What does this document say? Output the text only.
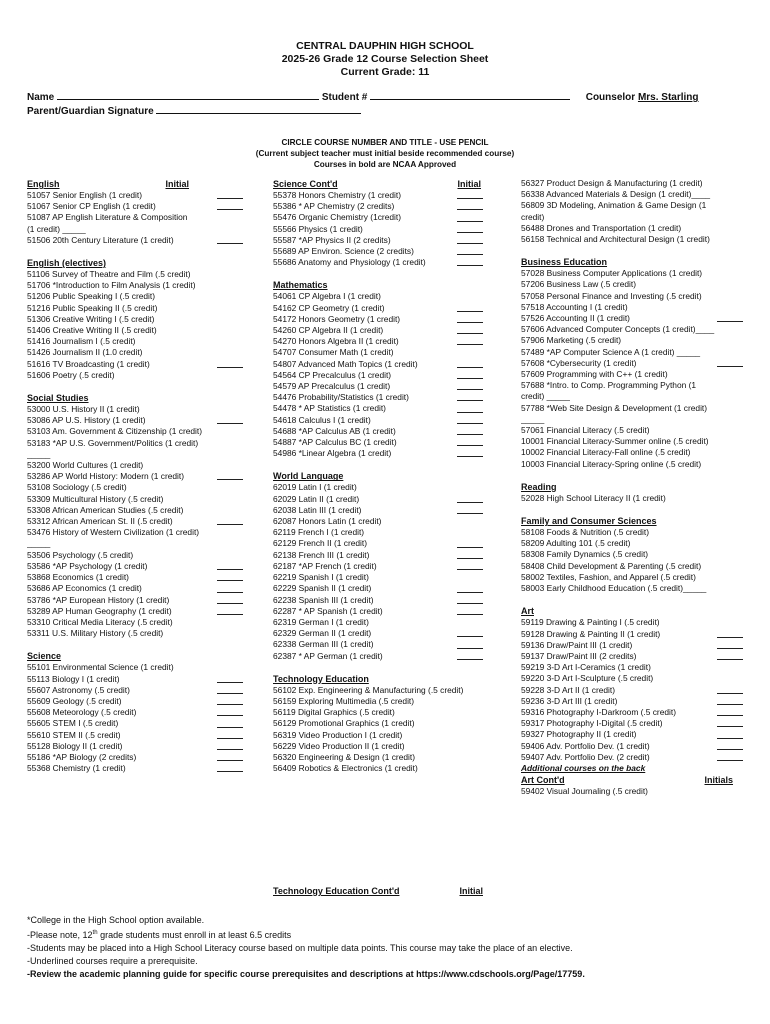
CENTRAL DAUPHIN HIGH SCHOOL
2025-26 Grade 12 Course Selection Sheet
Current Grade: 11
Name	Student #	Counselor Mrs. Starling
Parent/Guardian Signature
CIRCLE COURSE NUMBER AND TITLE - USE PENCIL
(Current subject teacher must initial beside recommended course)
Courses in bold are NCAA Approved
English	Initial
51057 Senior English (1 credit)
51067 Senior CP English (1 credit)
51087 AP English Literature & Composition
(1 credit) _____
51506 20th Century Literature (1 credit)
English (electives)
51106 Survey of Theatre and Film (.5 credit)
51706 *Introduction to Film Analysis (1 credit)
51206 Public Speaking I (.5 credit)
51216 Public Speaking II (.5 credit)
51306 Creative Writing I (.5 credit)
51406 Creative Writing II (.5 credit)
51416 Journalism I (.5 credit)
51426 Journalism II (1.0 credit)
51616 TV Broadcasting (1 credit)
51606 Poetry (.5 credit)
Social Studies
53000 U.S. History II (1 credit)
53086 AP U.S. History (1 credit)
53103 Am. Government & Citizenship (1 credit)
53183 *AP U.S. Government/Politics (1 credit)
_____
53200 World Cultures (1 credit)
53286 AP World History: Modern (1 credit)
53108 Sociology (.5 credit)
53309 Multicultural History (.5 credit)
53308 African American Studies (.5 credit)
53312 African American St. II (.5 credit)
53476 History of Western Civilization (1 credit)
_____
53506 Psychology (.5 credit)
53586 *AP Psychology (1 credit)
53868 Economics (1 credit)
53686 AP Economics (1 credit)
53786 *AP European History (1 credit)
53289 AP Human Geography (1 credit)
53310 Critical Media Literacy (.5 credit)
53311 U.S. Military History (.5 credit)
Science
55101 Environmental Science (1 credit)
55113 Biology I (1 credit)
55607 Astronomy (.5 credit)
55609 Geology (.5 credit)
55608 Meteorology (.5 credit)
55605 STEM I (.5 credit)
55610 STEM II (.5 credit)
55128 Biology II (1 credit)
55186 *AP Biology (2 credits)
55368 Chemistry (1 credit)
Science Cont'd	Initial
55378 Honors Chemistry (1 credit)
55386 * AP Chemistry (2 credits)
55476 Organic Chemistry (1credit)
55566 Physics (1 credit)
55587 *AP Physics II (2 credits)
55689 AP Environ. Science (2 credits)
55686 Anatomy and Physiology (1 credit)
Mathematics
54061 CP Algebra I (1 credit)
54162 CP Geometry (1 credit)
54172 Honors Geometry (1 credit)
54260 CP Algebra II (1 credit)
54270 Honors Algebra II (1 credit)
54707 Consumer Math (1 credit)
54807 Advanced Math Topics (1 credit)
54564 CP Precalculus (1 credit)
54579 AP Precalculus (1 credit)
54476 Probability/Statistics (1 credit)
54478 * AP Statistics (1 credit)
54618 Calculus I (1 credit)
54688 *AP Calculus AB (1 credit)
54887 *AP Calculus BC (1 credit)
54986 *Linear Algebra (1 credit)
World Language
62019 Latin I (1 credit)
62029 Latin II (1 credit)
62038 Latin III (1 credit)
62087 Honors Latin (1 credit)
62119 French I (1 credit)
62129 French II (1 credit)
62138 French III (1 credit)
62187 *AP French (1 credit)
62219 Spanish I (1 credit)
62229 Spanish II (1 credit)
62238 Spanish III (1 credit)
62287 * AP Spanish (1 credit)
62319 German I (1 credit)
62329 German II (1 credit)
62338 German III (1 credit)
62387 * AP German (1 credit)
Technology Education
56102 Exp. Engineering & Manufacturing (.5 credit)
56159 Exploring Multimedia (.5 credit)
56119 Digital Graphics (.5 credit)
56129 Promotional Graphics (1 credit)
56319 Video Production I (1 credit)
56229 Video Production II (1 credit)
56320 Engineering & Design (1 credit)
56409 Robotics & Electronics (1 credit)
Technology Education Cont'd	Initial
56327 Product Design & Manufacturing (1 credit)
56338 Advanced Materials & Design (1 credit)____
56809 3D Modeling, Animation & Game Design (1
credit)
56488 Drones and Transportation (1 credit)
56158 Technical and Architectural Design (1 credit)
Business Education
57028 Business Computer Applications (1 credit)
57206 Business Law (.5 credit)
57058 Personal Finance and Investing (.5 credit)
57518 Accounting I (1 credit)
57526 Accounting II (1 credit)
57606 Advanced Computer Concepts (1 credit)____
57906 Marketing (.5 credit)
57489 *AP Computer Science A (1 credit) _____
57608 *Cybersecurity (1 credit)
57609 Programming with C++ (1 credit)
57688 *Intro. to Comp. Programming Python (1
credit) _____
57788 *Web Site Design & Development (1 credit)
_____
57061 Financial Literacy (.5 credit)
10001 Financial Literacy-Summer online (.5 credit)
10002 Financial Literacy-Fall online (.5 credit)
10003 Financial Literacy-Spring online (.5 credit)
Reading
52028 High School Literacy II (1 credit)
Family and Consumer Sciences
58108 Foods & Nutrition (.5 credit)
58209 Adulting 101 (.5 credit)
58308 Family Dynamics (.5 credit)
58408 Child Development & Parenting (.5 credit)
58002 Textiles, Fashion, and Apparel (.5 credit)
58003 Early Childhood Education (.5 credit)_____
Art
59119 Drawing & Painting I (.5 credit)
59128 Drawing & Painting II (1 credit)
59136 Draw/Paint III (1 credit)
59137 Draw/Paint III (2 credits)
59219 3-D Art I-Ceramics (1 credit)
59220 3-D Art I-Sculpture (.5 credit)
59228 3-D Art II (1 credit)
59236 3-D Art III (1 credit)
59316 Photography I-Darkroom (.5 credit)
59317 Photography I-Digital (.5 credit)
59327 Photography II (1 credit)
59406 Adv. Portfolio Dev. (1 credit)
59407 Adv. Portfolio Dev. (2 credit)
Additional courses on the back
Art Cont'd	Initials
59402 Visual Journaling (.5 credit)
*College in the High School option available.
-Please note, 12th grade students must enroll in at least 6.5 credits
-Students may be placed into a High School Literacy course based on multiple data points. This course may take the place of an elective.
-Underlined courses require a prerequisite.
-Review the academic planning guide for specific course prerequisites and descriptions at https://www.cdschools.org/Page/17759.
